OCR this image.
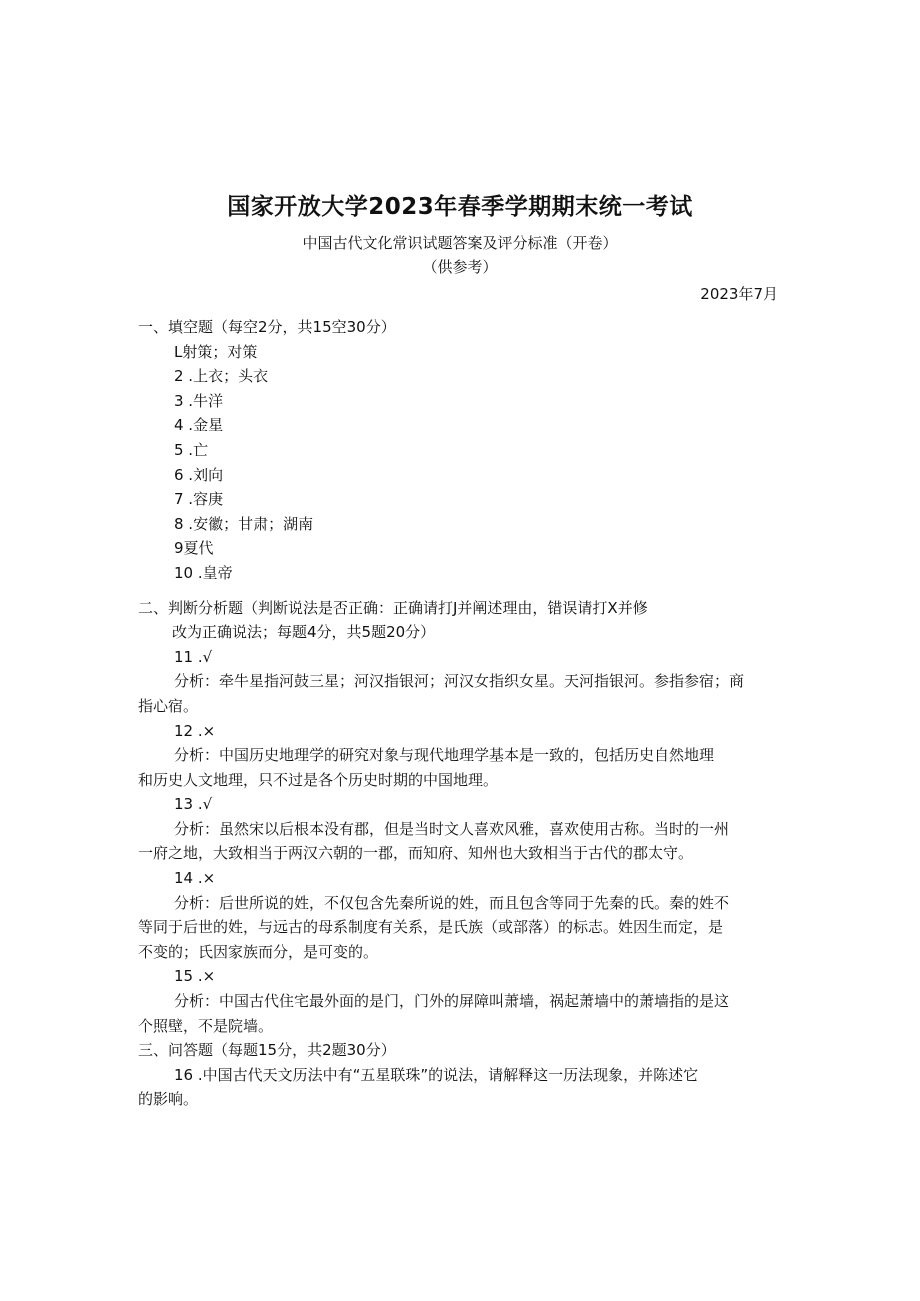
国家开放大学2023年春季学期期末统一考试
中国古代文化常识试题答案及评分标准（开卷）
（供参考）
2023年7月
一、填空题（每空2分，共15空30分）
L射策；对策
2 .上衣；头衣
3 .牛洋
4 .金星
5 .亡
6 .刘向
7 .容庚
8 .安徽；甘肃；湖南
9夏代
10 .皇帝
二、判断分析题（判断说法是否正确：正确请打J并阐述理由，错误请打X并修
改为正确说法；每题4分，共5题20分）
11 .√
分析：牵牛星指河鼓三星；河汉指银河；河汉女指织女星。天河指银河。参指参宿；商
指心宿。
12 .×
分析：中国历史地理学的研究对象与现代地理学基本是一致的，包括历史自然地理
和历史人文地理，只不过是各个历史时期的中国地理。
13 .√
分析：虽然宋以后根本没有郡，但是当时文人喜欢风雅，喜欢使用古称。当时的一州
一府之地，大致相当于两汉六朝的一郡，而知府、知州也大致相当于古代的郡太守。
14 .×
分析：后世所说的姓，不仅包含先秦所说的姓，而且包含等同于先秦的氏。秦的姓不
等同于后世的姓，与远古的母系制度有关系，是氏族（或部落）的标志。姓因生而定，是
不变的；氏因家族而分，是可变的。
15 .×
分析：中国古代住宅最外面的是门，门外的屏障叫萧墙，祸起萧墙中的萧墙指的是这
个照壁，不是院墙。
三、问答题（每题15分，共2题30分）
16 .中国古代天文历法中有“五星联珠”的说法，请解释这一历法现象，并陈述它
的影响。
